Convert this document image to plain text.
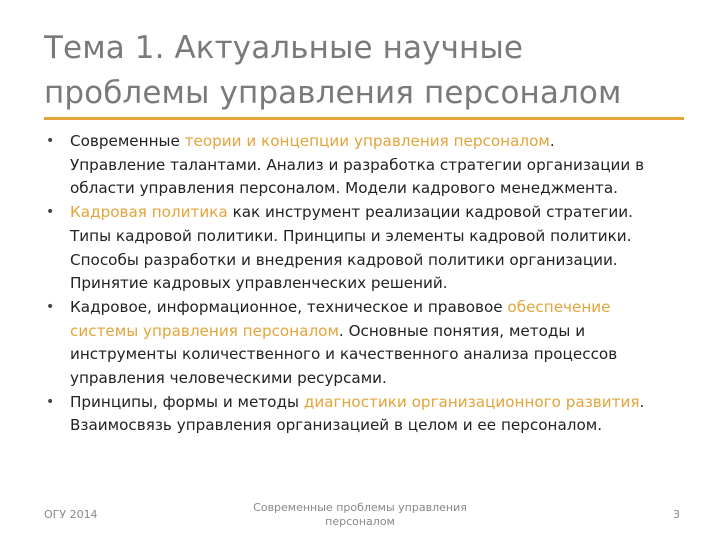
Тема 1. Актуальные научные
проблемы управления персоналом
• Современные теории и концепции управления персоналом.
Управление талантами. Анализ и разработка стратегии организации в
области управления персоналом. Модели кадрового менеджмента.
• Кадровая политика как инструмент реализации кадровой стратегии.
Типы кадровой политики. Принципы и элементы кадровой политики.
Способы разработки и внедрения кадровой политики организации.
Принятие кадровых управленческих решений.
• Кадровое, информационное, техническое и правовое обеспечение
системы управления персоналом. Основные понятия, методы и
инструменты количественного и качественного анализа процессов
управления человеческими ресурсами.
• Принципы, формы и методы диагностики организационного развития.
Взаимосвязь управления организацией в целом и ее персоналом.
ОГУ 2014
Современные проблемы управления
персоналом
3
